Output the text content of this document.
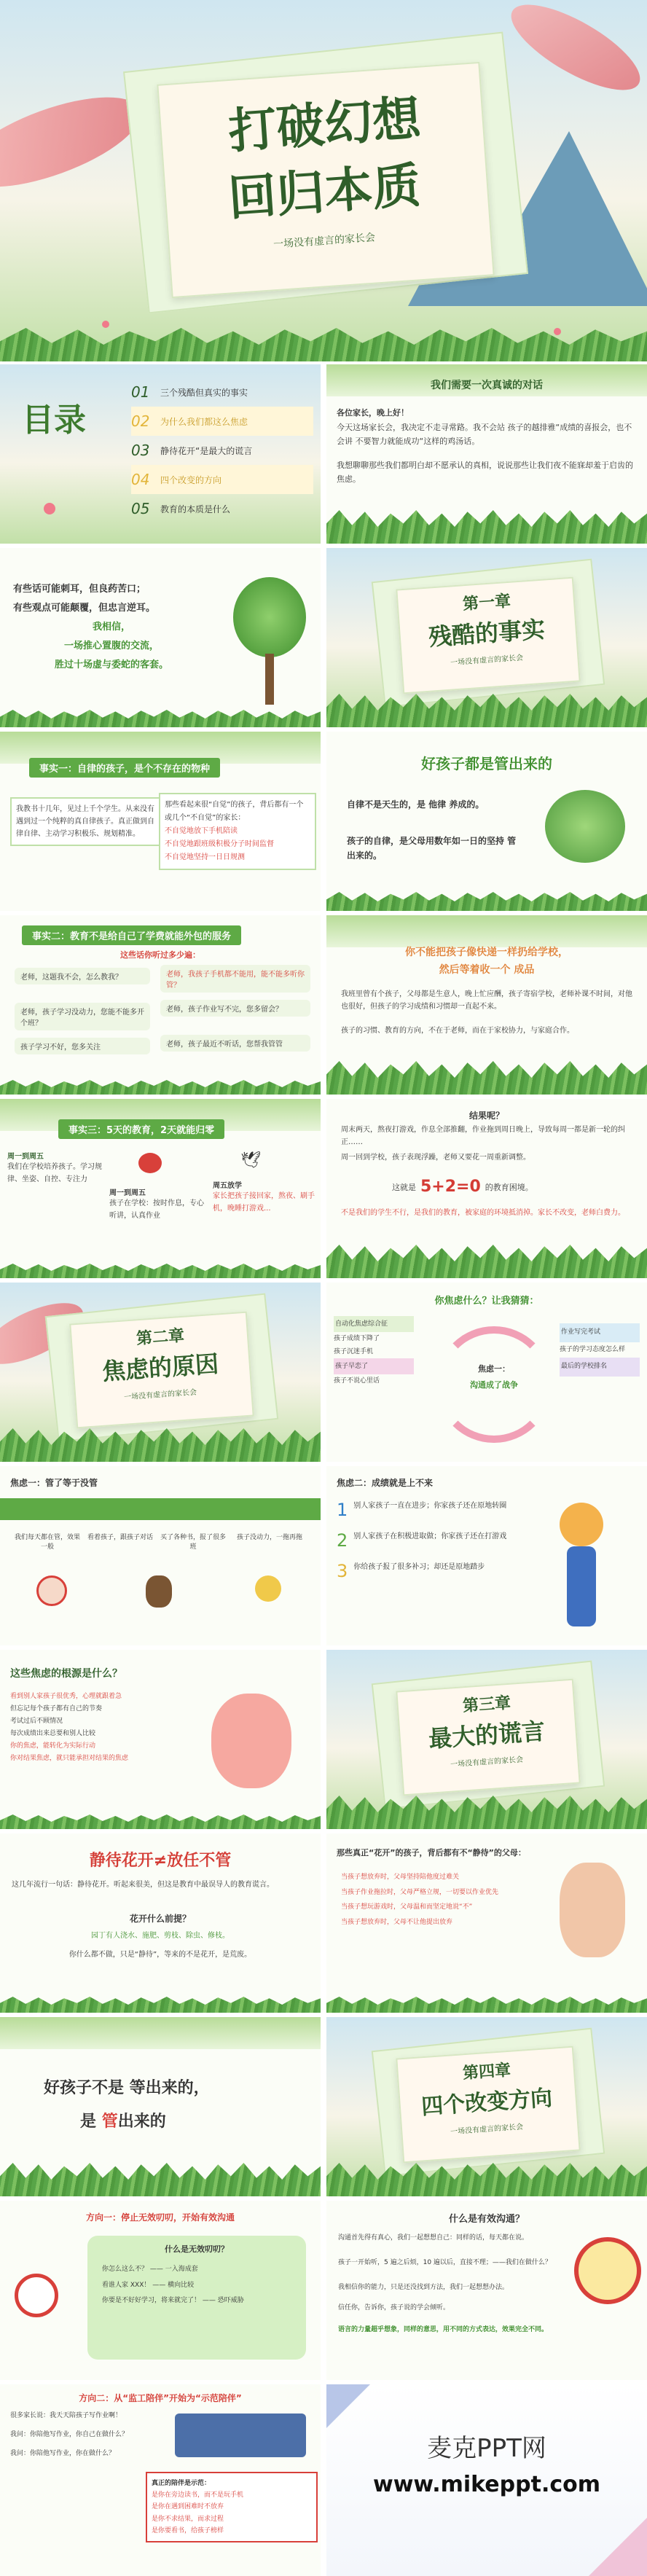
打破幻想
回归本质
一场没有虚言的家长会
目录
01	三个残酷但真实的事实
02	为什么我们都这么焦虑
03	静待花开“是最大的谎言
04	四个改变的方向
05	教育的本质是什么
我们需要一次真诚的对话
各位家长，晚上好！
今天这场家长会，我决定不走寻常路。我不会站 孩子的越排雅“成绩的喜报会，也不会讲 不要智力就能成功“这样的鸡汤话。
我想聊聊那些我们都明白却不愿承认的真相，说说那些让我们夜不能寐却羞于启齿的焦虑。
有些话可能刺耳，但良药苦口；
有些观点可能颠覆，但忠言逆耳。
我相信，
一场推心置腹的交流，
胜过十场虚与委蛇的客套。
第一章
残酷的事实
一场没有虚言的家长会
事实一：自律的孩子，是个不存在的物种
我教书十几年，见过上千个学生。从来没有遇到过一个纯粹的真自律孩子。真正做到自律自律、主动学习积极乐、规划精准。
那些看起来很“自觉”的孩子，背后都有一个或几个“不自觉”的家长：
不自觉地放下手机陪读
不自觉地跟班级积极分子时间监督
不自觉地坚持一日日规测
好孩子都是管出来的
自律不是天生的，是 他律 养成的。
孩子的自律，是父母用数年如一日的坚持 管 出来的。
事实二：教育不是给自己了学费就能外包的服务
这些话你听过多少遍：
老师，这题我不会，怎么教我？	老师，我孩子手机都不能用，能不能多听你管？
老师，孩子学习没动力，您能不能多开个班？
老师，孩子作业写不完，您多留会？
孩子学习不好，您多关注	老师，孩子最近不听话，您帮我管管
你不能把孩子像快递一样扔给学校，
然后等着收一个 成品
我班里曾有个孩子，父母都是生意人，晚上忙应酬，孩子寄宿学校，老师补课不时间，对他也很好，但孩子的学习成绩和习惯却一直起不来。
孩子的习惯、教育的方向，不在于老师，而在于家校协力，与家庭合作。
事实三：5天的教育，2天就能归零
周一到周五
我们在学校培养孩子。学习规律、坐姿、自控、专注力
周一到周五
孩子在学校：按时作息，专心听讲，认真作业
🕊
周五放学
家长把孩子接回家，熬夜、刷手机，晚睡打游戏...
结果呢？
周末两天，熬夜打游戏，作息全部推翻，作业拖到周日晚上，导致每周一都是新一轮的纠正……
周一回到学校，孩子表现浮躁，老师又要花一周重新调整。
这就是 5+2=0 的教育困境。
不是我们的学生不行，是我们的教育，被家庭的环境抵消掉。家长不改变，老师白费力。
第二章
焦虑的原因
一场没有虚言的家长会
你焦虑什么？让我猜猜：
自动化焦虑综合征
孩子成绩下降了
孩子沉迷手机
孩子早恋了
孩子不说心里话
焦虑一：
沟通成了战争
作业写完考试
孩子的学习态度怎么样
最后的学校排名
焦虑一：管了等于没管
我们每天都在管，效果一般
看着孩子，跟孩子对话 买了各种书，报了很多班
孩子没动力，一拖再拖
焦虑二：成绩就是上不来
1 别人家孩子一直在进步；你家孩子还在原地转圈
2 别人家孩子在积极进取做；你家孩子还在打游戏
3 你给孩子报了很多补习；却还是原地踏步
这些焦虑的根源是什么？
看到别人家孩子很优秀，心理就跟着急
但忘记每个孩子都有自己的节奏
考试过后不顾情况
每次成绩出来总要和别人比较
你的焦虑，能转化为实际行动
你对结果焦虑，就只能承担对结果的焦虑
第三章
最大的谎言
一场没有虚言的家长会
静待花开≠放任不管
这几年流行一句话：静待花开。听起来很美，但这是教育中最误导人的教育谎言。
花开什么前提？
园丁有人浇水、施肥、剪枝、除虫、修枝。
你什么都不做，只是“静待”，等来的不是花开，是荒废。
那些真正“花开”的孩子，背后都有不“静待”的父母：
当孩子想放弃时，父母坚持陪他度过难关
当孩子作业拖拉时，父母严格立规，一切要以作业优先
当孩子想玩游戏时，父母温和而坚定地说“不”
当孩子想放弃时，父母不让他提出放弃
好孩子不是 等出来的，
是 管出来的
第四章
四个改变方向
一场没有虚言的家长会
方向一：停止无效叨叨，开始有效沟通
什么是无效叨叨？
你怎么这么不？ —— 一入海成套
看谁人家 XXX！ —— 横向比较
你要是不好好学习，将来就完了！ —— 恐吓威胁
什么是有效沟通？
沟通首先得有真心，我们一起想想自己：同样的话，每天都在说。
孩子一开始听，5 遍之后烦，10 遍以后，直接不理；——我们在做什么？
我相信你的能力，只是还没找到方法，我们一起想想办法。
信任你，告诉你，孩子说的学会倾听。
语言的力量超乎想象，同样的意思，用不同的方式表达，效果完全不同。
方向二：从“监工陪伴”开始为“示范陪伴”
很多家长说：我天天陪孩子写作业啊！
我问：你陪他写作业，你自己在做什么？
我问：你陪他写作业，你在做什么？
真正的陪伴是示范：
是你在旁边读书，而不是玩手机
是你在遇到困难时不放弃
是你不求结果，而求过程
是你要看书，给孩子榜样
麦克PPT网
www.mikeppt.com
